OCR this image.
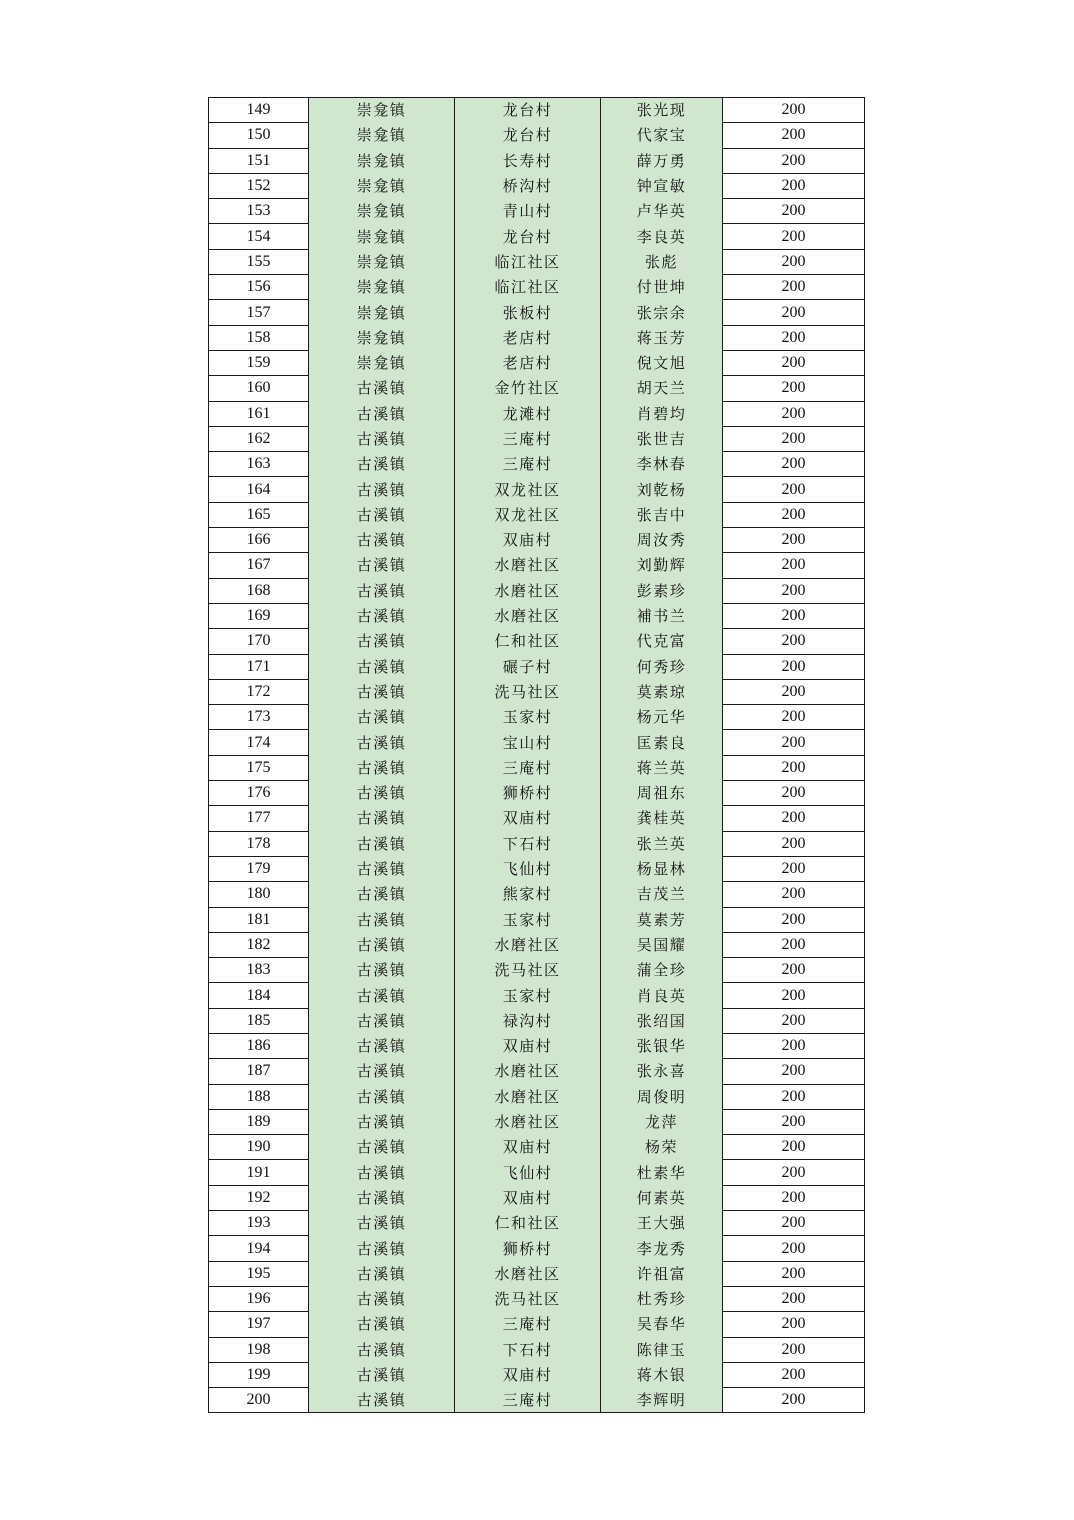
149	崇龛镇	龙台村	张光现	200
150	崇龛镇	龙台村	代家宝	200
151	崇龛镇	长寿村	薛万勇	200
152	崇龛镇	桥沟村	钟宣敏	200
153	崇龛镇	青山村	卢华英	200
154	崇龛镇	龙台村	李良英	200
155	崇龛镇	临江社区	张彪	200
156	崇龛镇	临江社区	付世坤	200
157	崇龛镇	张板村	张宗余	200
158	崇龛镇	老店村	蒋玉芳	200
159	崇龛镇	老店村	倪文旭	200
160	古溪镇	金竹社区	胡天兰	200
161	古溪镇	龙滩村	肖碧均	200
162	古溪镇	三庵村	张世吉	200
163	古溪镇	三庵村	李林春	200
164	古溪镇	双龙社区	刘乾杨	200
165	古溪镇	双龙社区	张吉中	200
166	古溪镇	双庙村	周汝秀	200
167	古溪镇	水磨社区	刘勤辉	200
168	古溪镇	水磨社区	彭素珍	200
169	古溪镇	水磨社区	補书兰	200
170	古溪镇	仁和社区	代克富	200
171	古溪镇	碾子村	何秀珍	200
172	古溪镇	洗马社区	莫素琼	200
173	古溪镇	玉家村	杨元华	200
174	古溪镇	宝山村	匡素良	200
175	古溪镇	三庵村	蒋兰英	200
176	古溪镇	狮桥村	周祖东	200
177	古溪镇	双庙村	龚桂英	200
178	古溪镇	下石村	张兰英	200
179	古溪镇	飞仙村	杨显林	200
180	古溪镇	熊家村	吉茂兰	200
181	古溪镇	玉家村	莫素芳	200
182	古溪镇	水磨社区	吴国耀	200
183	古溪镇	洗马社区	蒲全珍	200
184	古溪镇	玉家村	肖良英	200
185	古溪镇	禄沟村	张绍国	200
186	古溪镇	双庙村	张银华	200
187	古溪镇	水磨社区	张永喜	200
188	古溪镇	水磨社区	周俊明	200
189	古溪镇	水磨社区	龙萍	200
190	古溪镇	双庙村	杨荣	200
191	古溪镇	飞仙村	杜素华	200
192	古溪镇	双庙村	何素英	200
193	古溪镇	仁和社区	王大强	200
194	古溪镇	狮桥村	李龙秀	200
195	古溪镇	水磨社区	许祖富	200
196	古溪镇	洗马社区	杜秀珍	200
197	古溪镇	三庵村	吴春华	200
198	古溪镇	下石村	陈律玉	200
199	古溪镇	双庙村	蒋木银	200
200	古溪镇	三庵村	李辉明	200
